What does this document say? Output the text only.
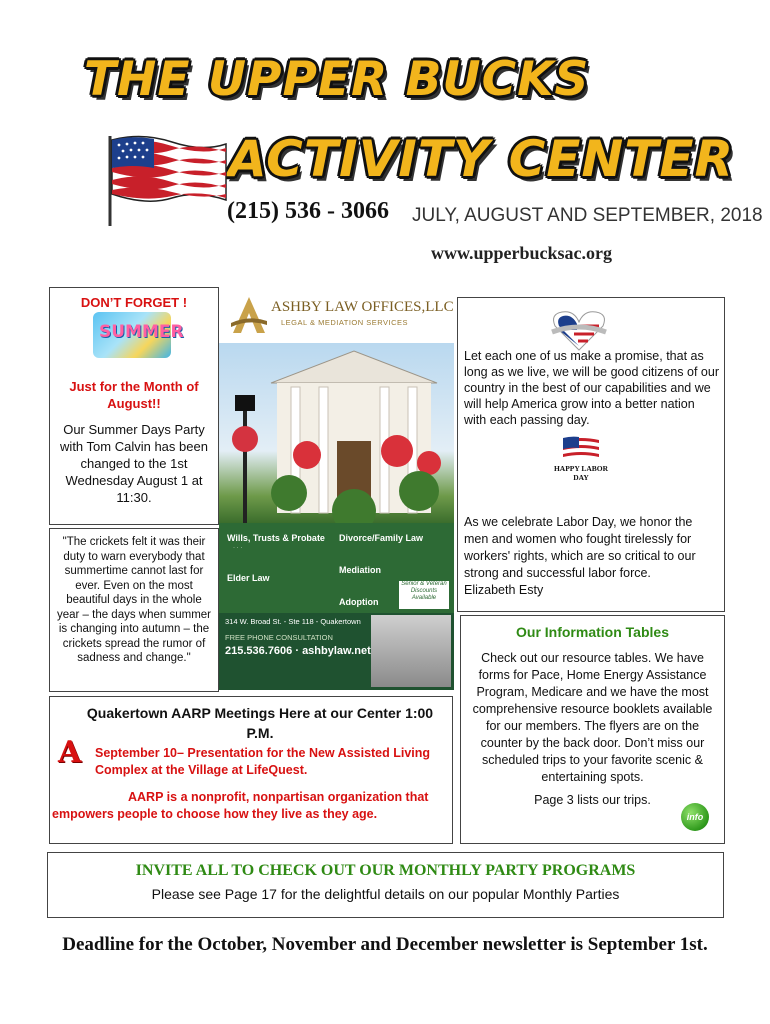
THE UPPER BUCKS
ACTIVITY CENTER
(215) 536 - 3066 JULY, AUGUST AND SEPTEMBER, 2018
www.upperbucksac.org
DON’T FORGET !
SUMMER
Just for the Month of August!!
Our Summer Days Party with Tom Calvin has been changed to the 1st Wednesday August 1 at 11:30.
"The crickets felt it was their duty to warn everybody that summertime cannot last for ever. Even on the most beautiful days in the whole year – the days when summer is changing into autumn – the crickets spread the rumor of sadness and change."
ASHBY LAW OFFICES,LLC
LEGAL & MEDIATION SERVICES
Wills, Trusts & Probate
· · ·
Elder Law
Divorce/Family Law
Mediation
Adoption
Senior & Veteran Discounts Available
314 W. Broad St. - Ste 118 - Quakertown
FREE PHONE CONSULTATION
215.536.7606 · ashbylaw.net
Let each one of us make a promise, that as long as we live, we will be good citizens of our country in the best of our capabilities and we will help America grow into a better nation with each passing day.
HAPPY LABOR DAY
As we celebrate Labor Day, we honor the men and women who fought tirelessly for workers' rights, which are so critical to our strong and successful labor force.
Elizabeth Esty
Our Information Tables
Check out our resource tables. We have forms for Pace, Home Energy Assistance Program, Medicare and we have the most comprehensive resource booklets available for our members. The flyers are on the counter by the back door. Don’t miss our scheduled trips to your favorite scenic & entertaining spots.
Page 3 lists our trips.
info
Quakertown AARP Meetings Here at our Center 1:00 P.M.
A September 10– Presentation for the New Assisted Living Complex at the Village at LifeQuest.
AARP is a nonprofit, nonpartisan organization that empowers people to choose how they live as they age.
INVITE ALL TO CHECK OUT OUR MONTHLY PARTY PROGRAMS
Please see Page 17 for the delightful details on our popular Monthly Parties
Deadline for the October, November and December newsletter is September 1st.
